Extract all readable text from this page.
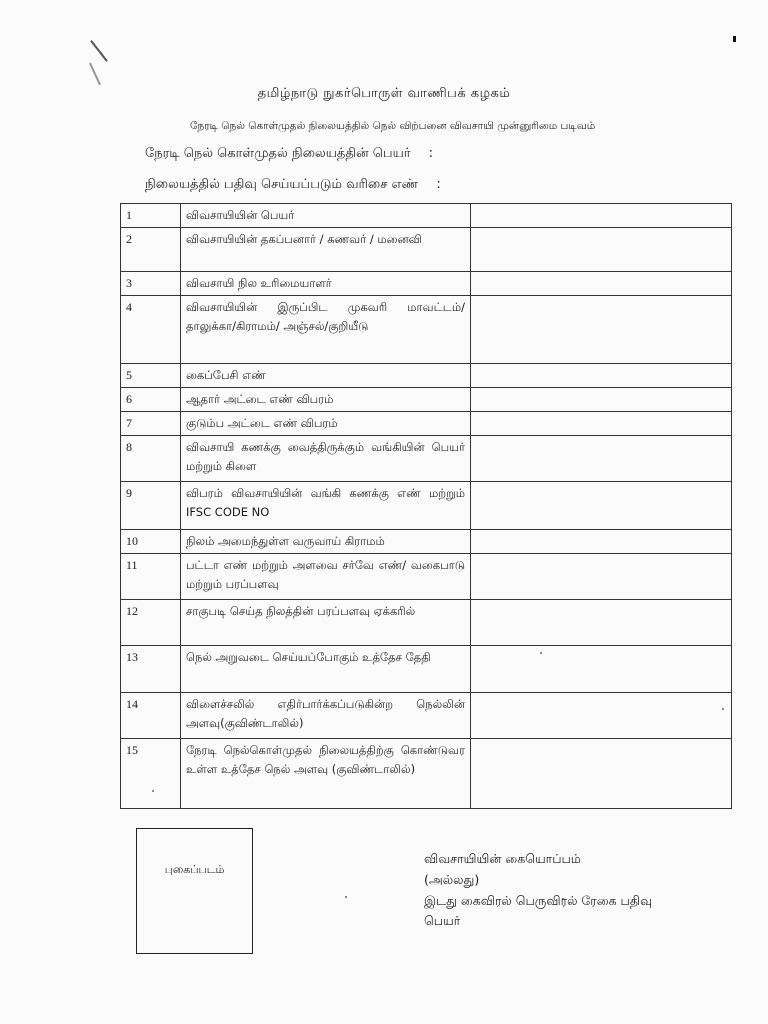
தமிழ்நாடு நுகர்பொருள் வாணிபக் கழகம்
நேரடி நெல் கொள்முதல் நிலையத்தில் நெல் விற்பனை விவசாயி முன்னுரிமை படிவம்
நேரடி நெல் கொள்முதல் நிலையத்தின் பெயர் :
நிலையத்தில் பதிவு செய்யப்படும் வரிசை எண் :
1	விவசாயியின் பெயர்	
2	விவசாயியின் தகப்பனார் / கணவர் / மனைவி	
3	விவசாயி நில உரிமையாளர்	
4	விவசாயியின் இருப்பிட முகவரி மாவட்டம்/ தாலுக்கா/கிராமம்/ அஞ்சல்/குறியீடு	
5	கைப்பேசி எண்	
6	ஆதார் அட்டை எண் விபரம்	
7	குடும்ப அட்டை எண் விபரம்	
8	விவசாயி கணக்கு வைத்திருக்கும் வங்கியின் பெயர் மற்றும் கிளை	
9	விபரம் விவசாயியின் வங்கி கணக்கு எண் மற்றும் IFSC CODE NO	
10	நிலம் அமைந்துள்ள வருவாய் கிராமம்	
11	பட்டா எண் மற்றும் அளவை சர்வே எண்/ வகைபாடு மற்றும் பரப்பளவு	
12	சாகுபடி செய்த நிலத்தின் பரப்பளவு ஏக்கரில்	
13	நெல் அறுவடை செய்யப்போகும் உத்தேச தேதி	
14	விளைச்சலில் எதிர்பார்க்கப்படுகின்ற நெல்லின் அளவு(குவிண்டாலில்)	
15	நேரடி நெல்கொள்முதல் நிலையத்திற்கு கொண்டுவர உள்ள உத்தேச நெல் அளவு (குவிண்டாலில்)	
புகைப்படம்
விவசாயியின் கையொப்பம்
(அல்லது)
இடது கைவிரல் பெருவிரல் ரேகை பதிவு
பெயர்
